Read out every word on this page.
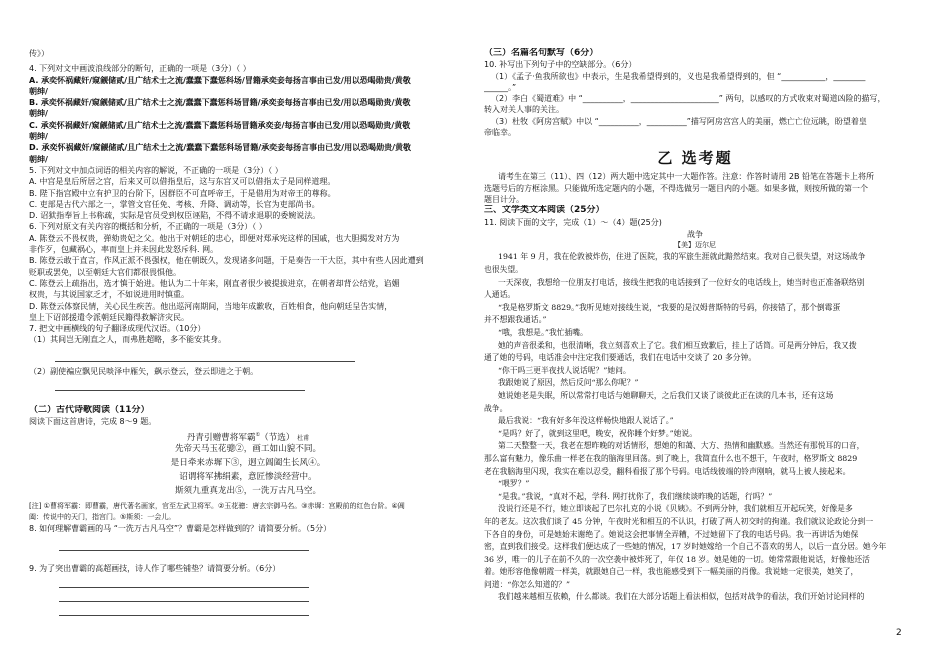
传》）
4. 下列对文中画波浪线部分的断句，正确的一项是（3分）（ ）
A. 承奕怀祸藏奸/窥觎储贰/且广结术士之流/蠢蠢下蠢惩科场/冒籍承奕妾每扬言事由已发/用以恐喝勋贵/黄敬
朝绅/
B. 承奕怀祸藏奸/窥觎储贰/且广结术士之流/蠢蠢下蠢惩科场冒籍/承奕妾每扬言事由已发/用以恐喝勋贵/黄敬
朝绅/
C. 承奕怀祸藏奸/窥觎储贰/且广结术士之流/蠢蠢下蠢惩科场冒籍承奕妾/每扬言事由已发/用以恐喝勋贵/黄敬
朝绅/
D. 承奕怀祸藏奸/窥觎储贰/且广结术士之流/蠢蠢下蠢惩科场冒籍/承奕妾每扬言事由已发/用以恐喝勋贵/黄敬
朝绅/
5. 下列对文中加点词语的相关内容的解说，不正确的一项是（3分）（ ）
A. 中宫是皇后所居之宫，后来又可以借指皇后，这与东宫又可以借指太子是同样道理。
B. 陛下指宫殿中立有护卫的台阶下，因群臣不可直呼帝王，于是借用为对帝王的尊称。
C. 吏部是古代六部之一，掌管文官任免、考核、升降、调动等，长官为吏部尚书。
D. 诏狱指奉旨上书称疏，实际是官员受到权臣诬陷，不得不请求退职的委婉说法。
6. 下列对原文有关内容的概括和分析，不正确的一项是（3分）（ ）
A. 陈登云不畏权贵，弹劾贵妃之父。他出于对朝廷的忠心，即便对郑承宪这样的国戚，也大胆揭发对方为
非作歹，包藏祸心，率而皇上并未因此发怒斥科. 网。
B. 陈登云敢于直言，作风正派不畏强权，他在朝既久，发现诸多问题，于是奏告一干大臣，其中有些人因此遭到
贬职或罢免，以至朝廷大官们都很畏惧他。
C. 陈登云上疏指出，选才慎于始进。他认为二十年来，刚直者很少被提拔进京，在朝者却背公结党，谄媚
权贵，与其说国家乏才，不如说进用时慎重。
D. 陈登云体察民情，关心民生疾苦。他出巡河南期间，当地年成歉收，百姓相食，他向朝廷呈告实情，
皇上下诏部援遣令派朝廷民籍得救解济灾民。
7. 把文中画横线的句子翻译成现代汉语。（10分）
（1）其间岂无刚直之人，而弗胜超略，多不能安其身。
（2）副使褊应飘见民啖泽中雁矢，飙示登云，登云即进之于朝。
（二）古代诗歌阅读（11分）
阅读下面这首唐诗，完成 8～9 题。
丹青引赠曹将军霸①（节选） 杜甫
先帝天马玉花骢②，画工如山貌不同。
是日牵来赤墀下③，迥立阊阖生长风④。
诏谓将军拂绢素，意匠惨淡经营中。
斯须九重真龙出⑤，一洗万古凡马空。
[注] ①曹将军霸：即曹霸，唐代著名画家，官至左武卫将军。②玉花骢：唐玄宗御马名。③赤墀：宫殿前的红色台阶。④阊
阖：传说中的天门，指宫门。⑤斯须：一会儿。
8. 如何理解曹霸画的马 “一洗万古凡马空”？曹霸是怎样做到的？请简要分析。（5分）
9. 为了突出曹霸的高超画技，诗人作了哪些铺垫？请简要分析。（6分）
（三）名篇名句默写（6分）
10. 补写出下列句子中的空缺部分。（6分）
（1）《孟子·鱼我所欲也》中表示，生是我希望得到的，义也是我希望得到的，但 “___________，________
______。”
（2）李白《蜀道难》中 “__________，______________________” 两句，以感叹的方式收束对蜀道凶险的描写，
转入对关人事的关注。
（3）杜牧《阿房宫赋》中以 “__________，__________”描写阿房宫宫人的美丽，燃亡亡位远眺，盼望着皇
帝临幸。
乙 选考题
请考生在第三（11）、四（12）两大题中选定其中一大题作答。注意：作答时请用 2B 铅笔在答题卡上将所
选题号后的方框涂黑。只能做所选定题内的小题，不得选做另一题目内的小题。如果多做，则按所做的第一个
题目计分。
三、文学类文本阅读（25分）
11. 阅读下面的文字，完成（1）～（4）题(25分)
战争
【美】迈尔尼
1941 年 9 月，我在伦敦被炸伤，住进了医院，我的军旅生涯就此黯然结束。我对自己很失望，对这场战争
也很失望。
一天深夜，我想给一位朋友打电话，接线生把我的电话接到了一位好女的电话线上，她当时也正准备联络别
人通话。
“我是格罗斯文 8829。”我听见她对接线生说，“我要的是汉姆普斯特的号码，你接错了，那个倒霉蛋
并不想跟我通话。”
“哦，我想是。”我忙插嘴。
她的声音很柔和，也很清晰，我立刻喜欢上了它。我们相互致歉后，挂上了话筒。可是两分钟后，我又拨
通了她的号码，电话准会中注定我们要通话，我们在电话中交谈了 20 多分钟。
“你干吗三更半夜找人说话呢？”她问。
我跟她说了原因，然后反问“那么你呢？”
她说她老是失眠，所以常常打电话与她聊聊天，之后我们又谈了谈彼此正在读的几本书，还有这场
战争。
最后我说：“我有好多年没这样畅快地跟人说话了。”
“是吗？好了，就到这里吧，晚安，祝你睡个好梦。”她说。
第二天整整一天，我老在想昨晚的对话情形，想她的和蔼、大方、热情和幽默感。当然还有那悦耳的口音，
那么富有魅力，像乐曲一样老在我的脑海里回荡。到了晚上，我简直什么也不想干，午夜时，格罗斯文 8829
老在我脑海里闪现，我实在难以忍受，翻科看报了那个号码。电话线彼端的铃声刚响，就马上被人接起来。
“喂罗？”
“是我。”我说，“真对不起，学科. 网打扰你了，我们继续谈昨晚的话题，行吗？”
没说行还是不行，她立即谈起了巴尔扎克的小说《贝姨》。不到两分钟，我们就相互开起玩笑，好像是多
年的老友。这次我们谈了 45 分钟，午夜时光和相互的不认识，打破了两人初交时的拘谨。我们就议论政论分到一
下各自的身份，可是她始末谢绝了。她说这会把事情全弄糟，不过她留下了我的电话号码。我一再讲话为她保
密，直到我们接受。这样我们便达成了一些她的情况，17 岁时她嫁给一个自己不喜欢的男人，以后一直分居。她今年
36 岁，唯一的儿子在前不久的一次空袭中被炸死了，年仅 18 岁。她是她的一切。她常常跟他说话，好像他还活
着。她形容他像朝霞一样美，就跟她自己一样，我也能感受到下一幅美丽的肖像。我说她一定很美，她笑了，
问道：“你怎么知道的？”
我们越来越相互依赖，什么都谈。我们在大部分话题上看法相似，包括对战争的看法，我们开始讨论同样的
2
